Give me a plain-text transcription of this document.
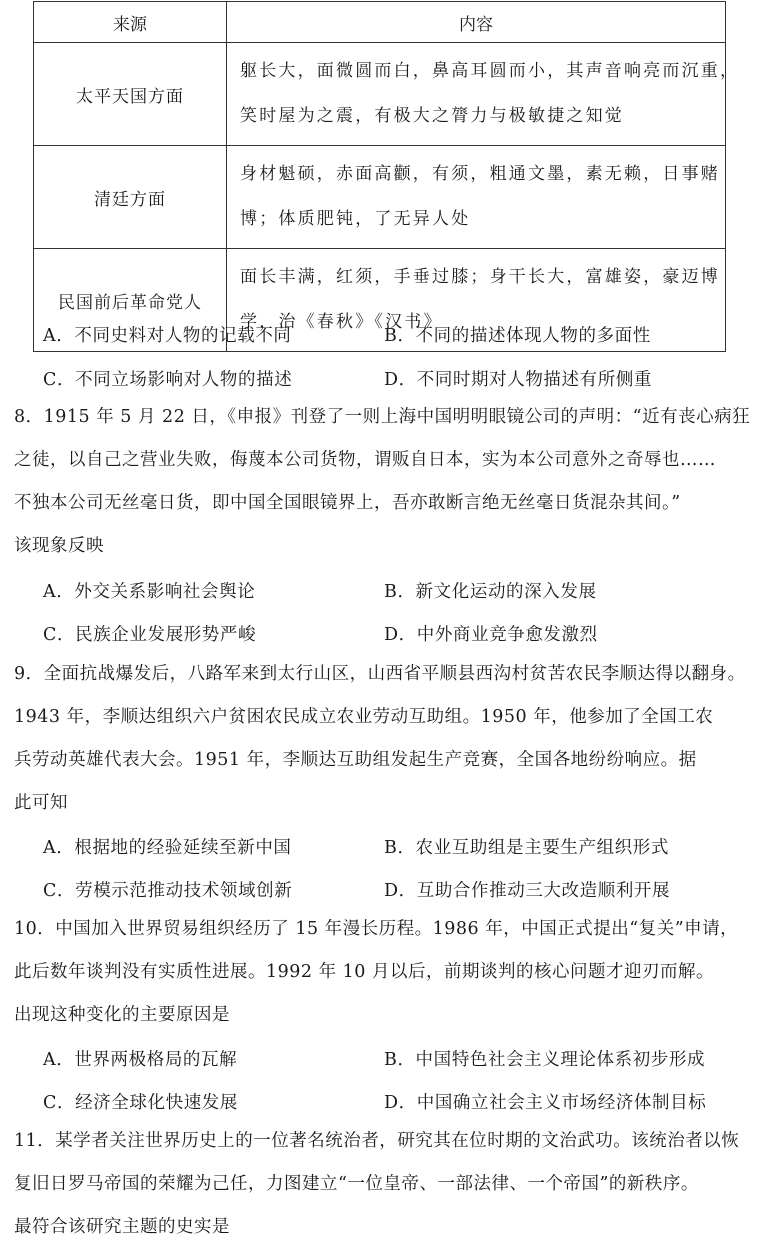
来源	内容
太平天国方面	躯长大，面微圆而白，鼻高耳圆而小，其声音响亮而沉重，
笑时屋为之震，有极大之膂力与极敏捷之知觉

清廷方面	身材魁硕，赤面高颧，有须，粗通文墨，素无赖，日事赌
博；体质肥钝，了无异人处

民国前后革命党人	面长丰满，红须，手垂过膝；身干长大，富雄姿，豪迈博
学，治《春秋》《汉书》
A．不同史料对人物的记载不同	B．不同的描述体现人物的多面性
C．不同立场影响对人物的描述	D．不同时期对人物描述有所侧重
8．1915 年 5 月 22 日，《申报》刊登了一则上海中国明明眼镜公司的声明：“近有丧心病狂
之徒，以自己之营业失败，侮蔑本公司货物，谓贩自日本，实为本公司意外之奇辱也……
不独本公司无丝毫日货，即中国全国眼镜界上，吾亦敢断言绝无丝毫日货混杂其间。”
该现象反映
A．外交关系影响社会舆论	B．新文化运动的深入发展
C．民族企业发展形势严峻	D．中外商业竞争愈发激烈
9．全面抗战爆发后，八路军来到太行山区，山西省平顺县西沟村贫苦农民李顺达得以翻身。
1943 年，李顺达组织六户贫困农民成立农业劳动互助组。1950 年，他参加了全国工农
兵劳动英雄代表大会。1951 年，李顺达互助组发起生产竞赛，全国各地纷纷响应。据
此可知
A．根据地的经验延续至新中国	B．农业互助组是主要生产组织形式
C．劳模示范推动技术领域创新	D．互助合作推动三大改造顺利开展
10．中国加入世界贸易组织经历了 15 年漫长历程。1986 年，中国正式提出“复关”申请，
此后数年谈判没有实质性进展。1992 年 10 月以后，前期谈判的核心问题才迎刃而解。
出现这种变化的主要原因是
A．世界两极格局的瓦解	B．中国特色社会主义理论体系初步形成
C．经济全球化快速发展	D．中国确立社会主义市场经济体制目标
11．某学者关注世界历史上的一位著名统治者，研究其在位时期的文治武功。该统治者以恢
复旧日罗马帝国的荣耀为己任，力图建立“一位皇帝、一部法律、一个帝国”的新秩序。
最符合该研究主题的史实是
